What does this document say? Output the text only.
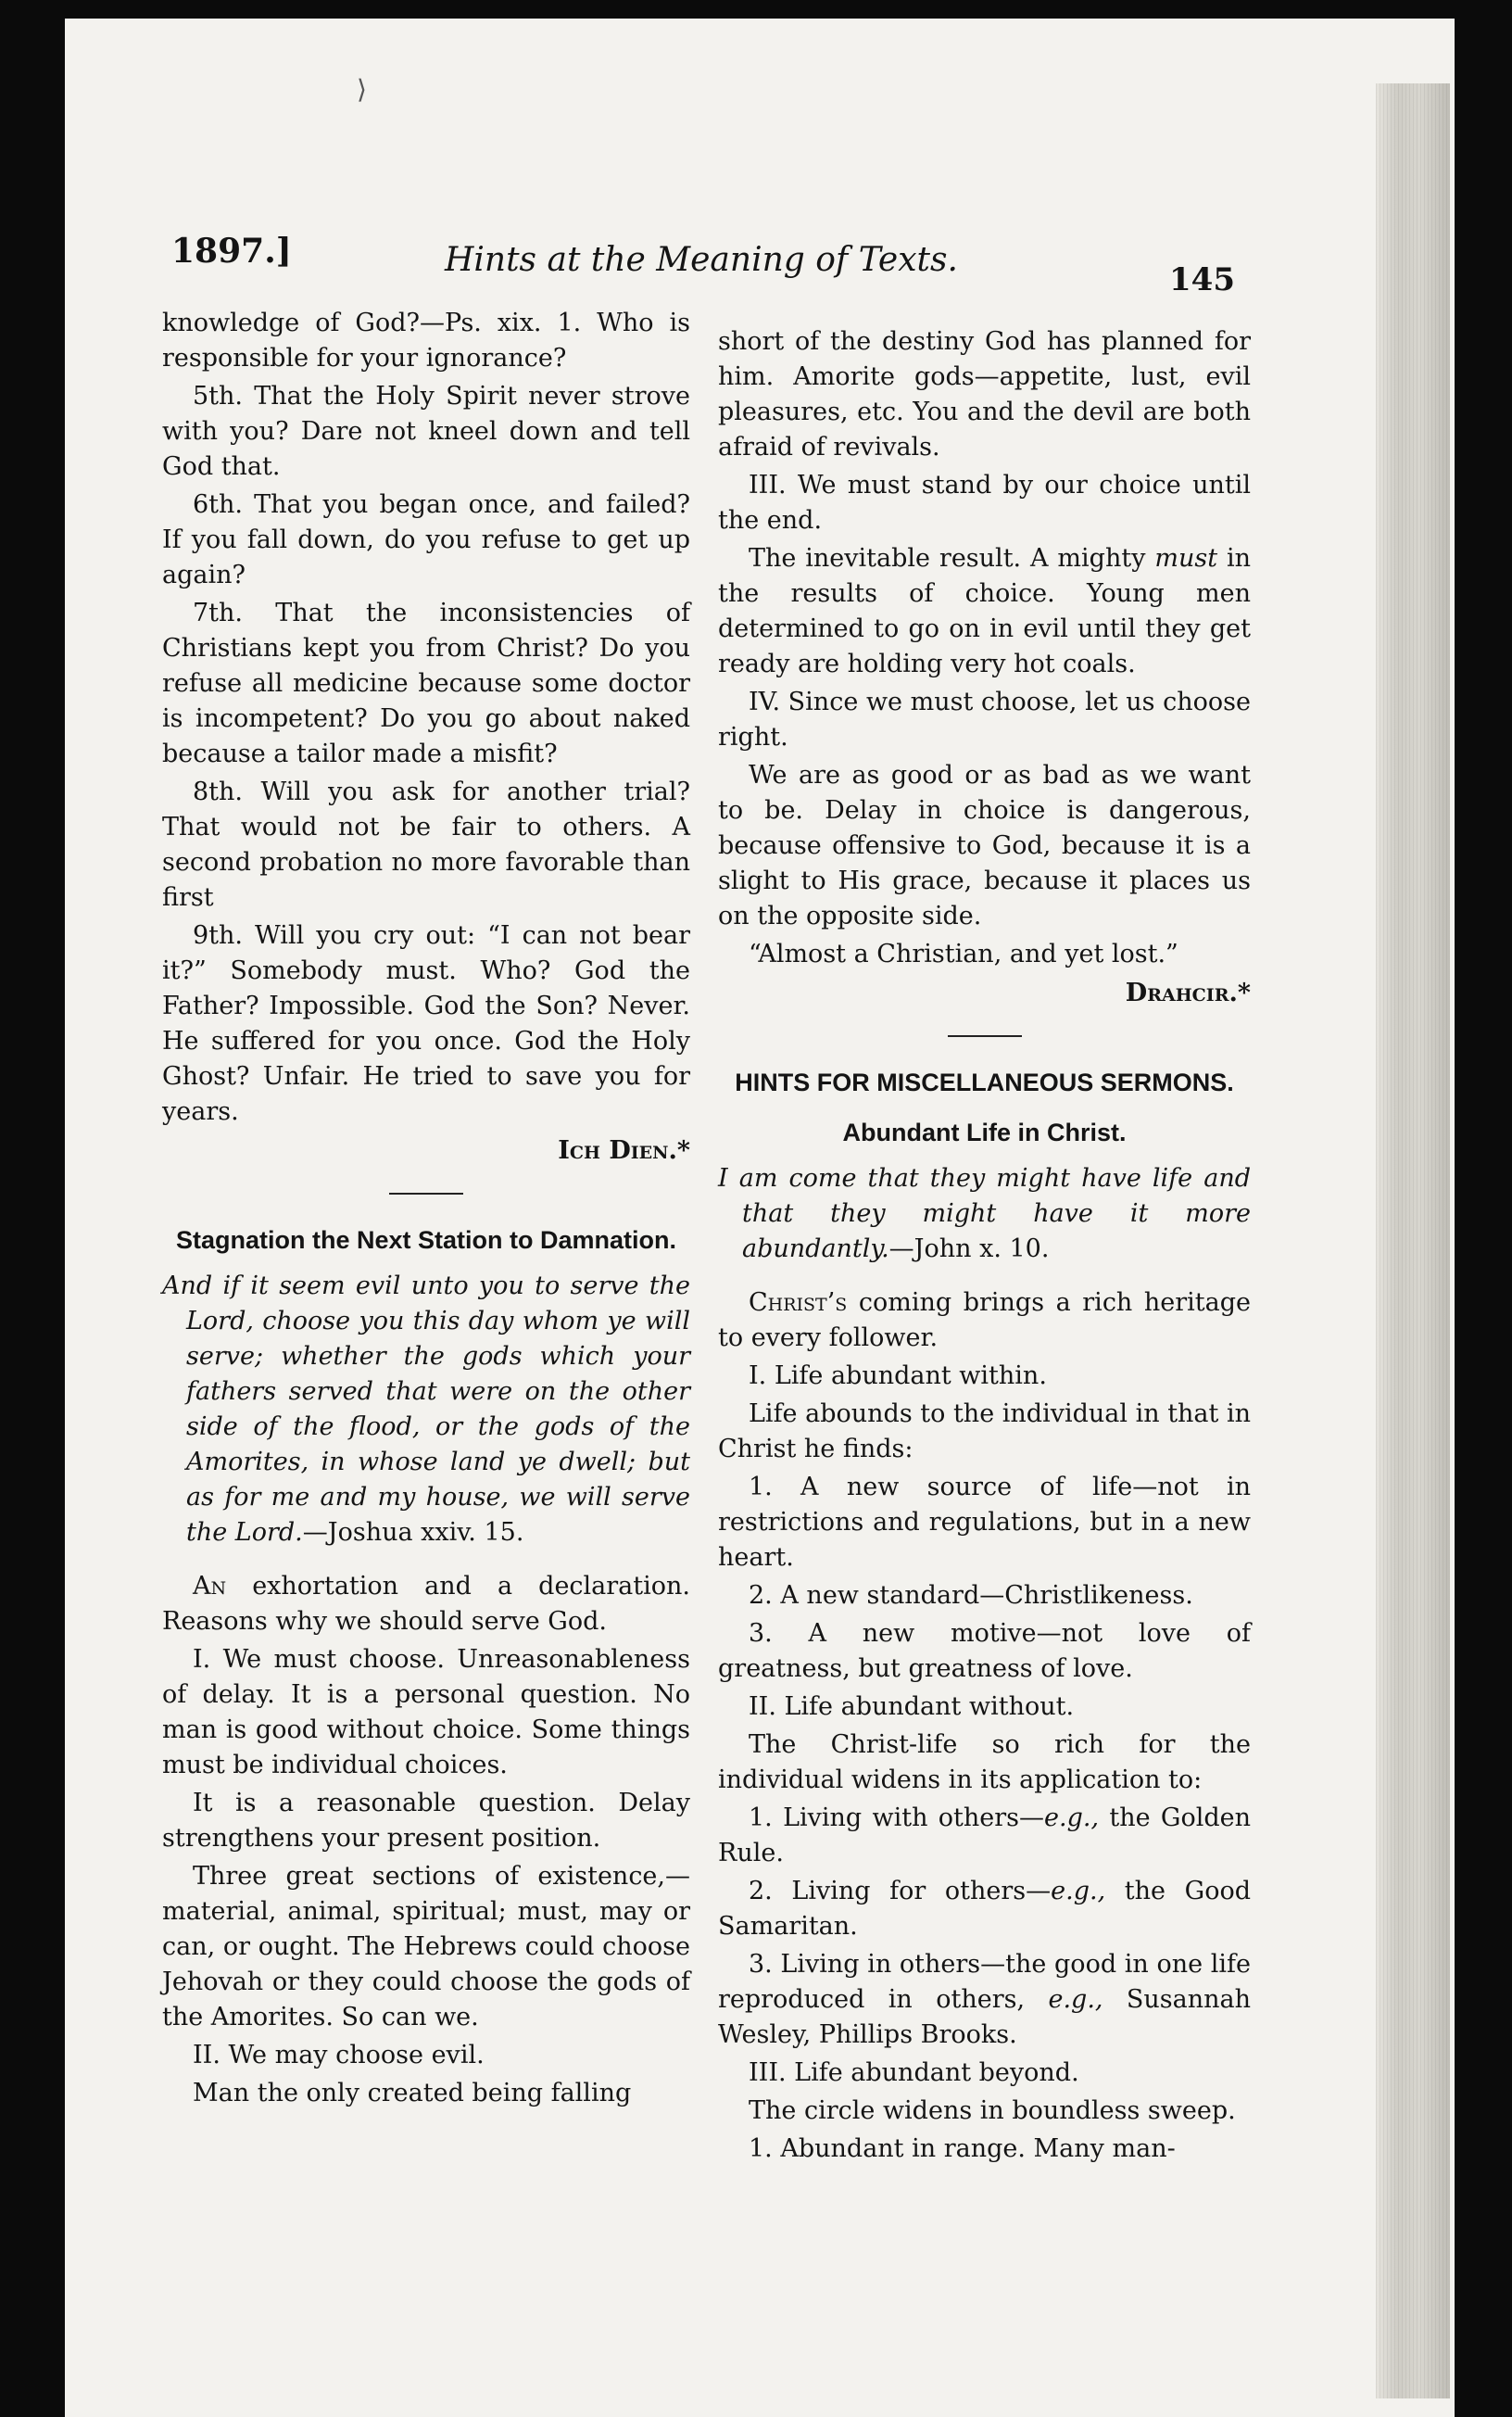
⟩
1897.]	Hints at the Meaning of Texts.
145

knowledge of God?—Ps. xix. 1. Who is responsible for your ignorance?

5th. That the Holy Spirit never strove with you? Dare not kneel down and tell God that.

6th. That you began once, and failed? If you fall down, do you refuse to get up again?

7th. That the inconsistencies of Christians kept you from Christ? Do you refuse all medicine because some doctor is incompetent? Do you go about naked because a tailor made a misfit?

8th. Will you ask for another trial? That would not be fair to others. A second probation no more favorable than first

9th. Will you cry out: “I can not bear it?” Somebody must. Who? God the Father? Impossible. God the Son? Never. He suffered for you once. God the Holy Ghost? Unfair. He tried to save you for years.

Ich Dien.*

Stagnation the Next Station to Damnation.

And if it seem evil unto you to serve the Lord, choose you this day whom ye will serve; whether the gods which your fathers served that were on the other side of the flood, or the gods of the Amorites, in whose land ye dwell; but as for me and my house, we will serve the Lord.—Joshua xxiv. 15.

An exhortation and a declaration. Reasons why we should serve God.

I. We must choose. Unreasonableness of delay. It is a personal question. No man is good without choice. Some things must be individual choices.

It is a reasonable question. Delay strengthens your present position.

Three great sections of existence,—material, animal, spiritual; must, may or can, or ought. The Hebrews could choose Jehovah or they could choose the gods of the Amorites. So can we.

II. We may choose evil.

Man the only created being falling

short of the destiny God has planned for him. Amorite gods—appetite, lust, evil pleasures, etc. You and the devil are both afraid of revivals.

III. We must stand by our choice until the end.

The inevitable result. A mighty must in the results of choice. Young men determined to go on in evil until they get ready are holding very hot coals.

IV. Since we must choose, let us choose right.

We are as good or as bad as we want to be. Delay in choice is dangerous, because offensive to God, because it is a slight to His grace, because it places us on the opposite side.

“Almost a Christian, and yet lost.”

Drahcir.*

HINTS FOR MISCELLANEOUS SERMONS.

Abundant Life in Christ.

I am come that they might have life and that they might have it more abundantly.—John x. 10.

Christ’s coming brings a rich heritage to every follower.

I. Life abundant within.

Life abounds to the individual in that in Christ he finds:

1. A new source of life—not in restrictions and regulations, but in a new heart.

2. A new standard—Christlikeness.

3. A new motive—not love of greatness, but greatness of love.

II. Life abundant without.

The Christ-life so rich for the individual widens in its application to:

1. Living with others—e.g., the Golden Rule.

2. Living for others—e.g., the Good Samaritan.

3. Living in others—the good in one life reproduced in others, e.g., Susannah Wesley, Phillips Brooks.

III. Life abundant beyond.

The circle widens in boundless sweep.

1. Abundant in range. Many man-
